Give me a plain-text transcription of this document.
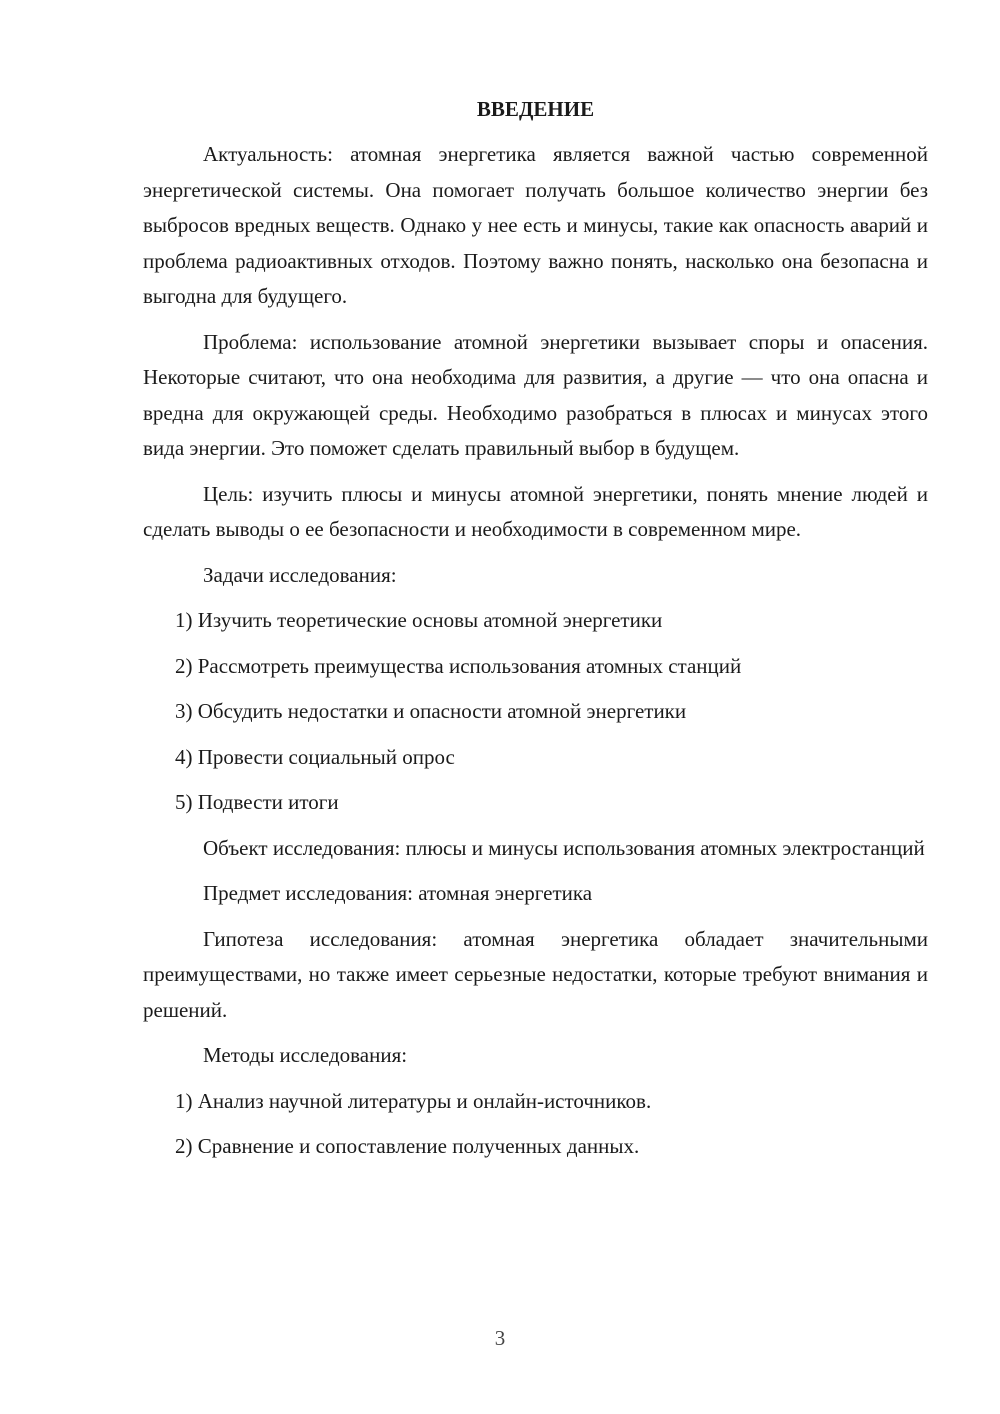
ВВЕДЕНИЕ

Актуальность: атомная энергетика является важной частью современной энергетической системы. Она помогает получать большое количество энергии без выбросов вредных веществ. Однако у нее есть и минусы, такие как опасность аварий и проблема радиоактивных отходов. Поэтому важно понять, насколько она безопасна и выгодна для будущего.

Проблема: использование атомной энергетики вызывает споры и опасения. Некоторые считают, что она необходима для развития, а другие — что она опасна и вредна для окружающей среды. Необходимо разобраться в плюсах и минусах этого вида энергии. Это поможет сделать правильный выбор в будущем.

Цель: изучить плюсы и минусы атомной энергетики, понять мнение людей и сделать выводы о ее безопасности и необходимости в современном мире.

Задачи исследования:

1) Изучить теоретические основы атомной энергетики

2) Рассмотреть преимущества использования атомных станций

3) Обсудить недостатки и опасности атомной энергетики

4) Провести социальный опрос

5) Подвести итоги

Объект исследования: плюсы и минусы использования атомных электростанций

Предмет исследования: атомная энергетика

Гипотеза исследования: атомная энергетика обладает значительными преимуществами, но также имеет серьезные недостатки, которые требуют внимания и решений.

Методы исследования:

1) Анализ научной литературы и онлайн-источников.

2) Сравнение и сопоставление полученных данных.

3
